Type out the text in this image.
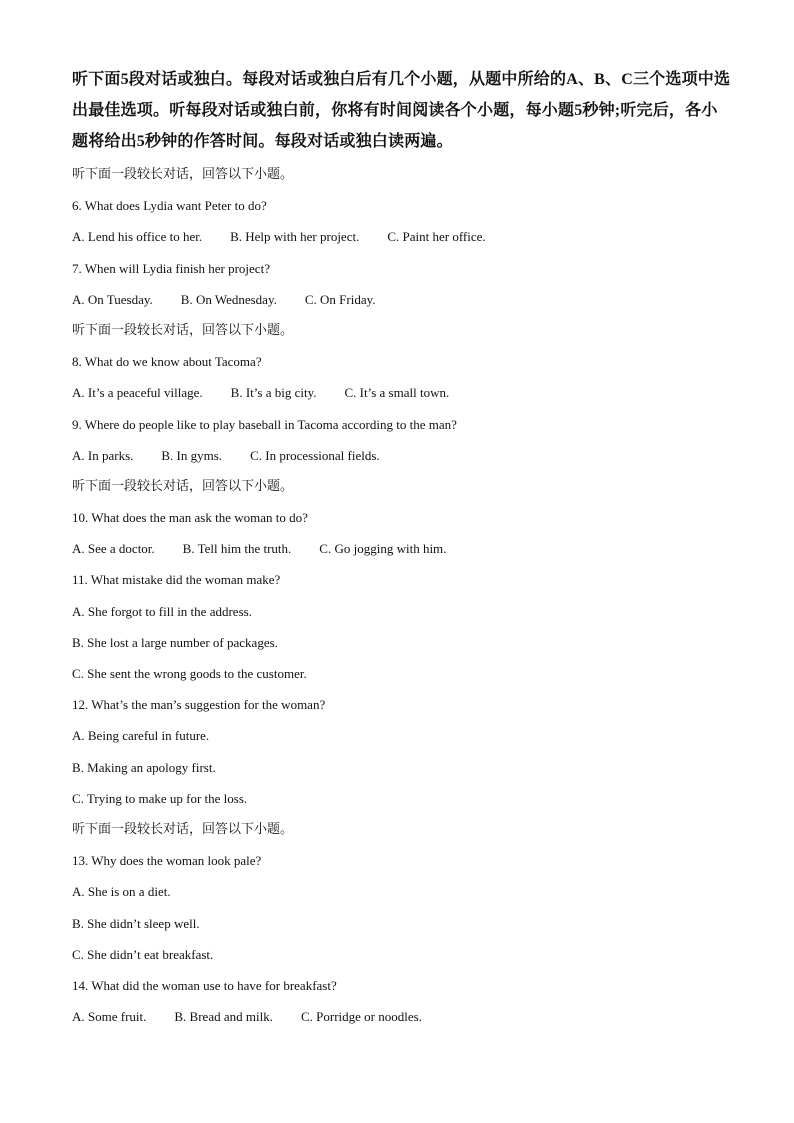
听下面5段对话或独白。每段对话或独白后有几个小题，从题中所给的A、B、C三个选项中选出最佳选项。听每段对话或独白前，你将有时间阅读各个小题，每小题5秒钟;听完后，各小题将给出5秒钟的作答时间。每段对话或独白读两遍。

听下面一段较长对话，回答以下小题。
6. What does Lydia want Peter to do?
A. Lend his office to her. B. Help with her project. C. Paint her office.
7. When will Lydia finish her project?
A. On Tuesday. B. On Wednesday. C. On Friday.
听下面一段较长对话，回答以下小题。
8. What do we know about Tacoma?
A. It’s a peaceful village. B. It’s a big city. C. It’s a small town.
9. Where do people like to play baseball in Tacoma according to the man?
A. In parks. B. In gyms. C. In processional fields.
听下面一段较长对话，回答以下小题。
10. What does the man ask the woman to do?
A. See a doctor. B. Tell him the truth. C. Go jogging with him.
11. What mistake did the woman make?
A. She forgot to fill in the address.
B. She lost a large number of packages.
C. She sent the wrong goods to the customer.
12. What’s the man’s suggestion for the woman?
A. Being careful in future.
B. Making an apology first.
C. Trying to make up for the loss.
听下面一段较长对话，回答以下小题。
13. Why does the woman look pale?
A. She is on a diet.
B. She didn’t sleep well.
C. She didn’t eat breakfast.
14. What did the woman use to have for breakfast?
A. Some fruit. B. Bread and milk. C. Porridge or noodles.
